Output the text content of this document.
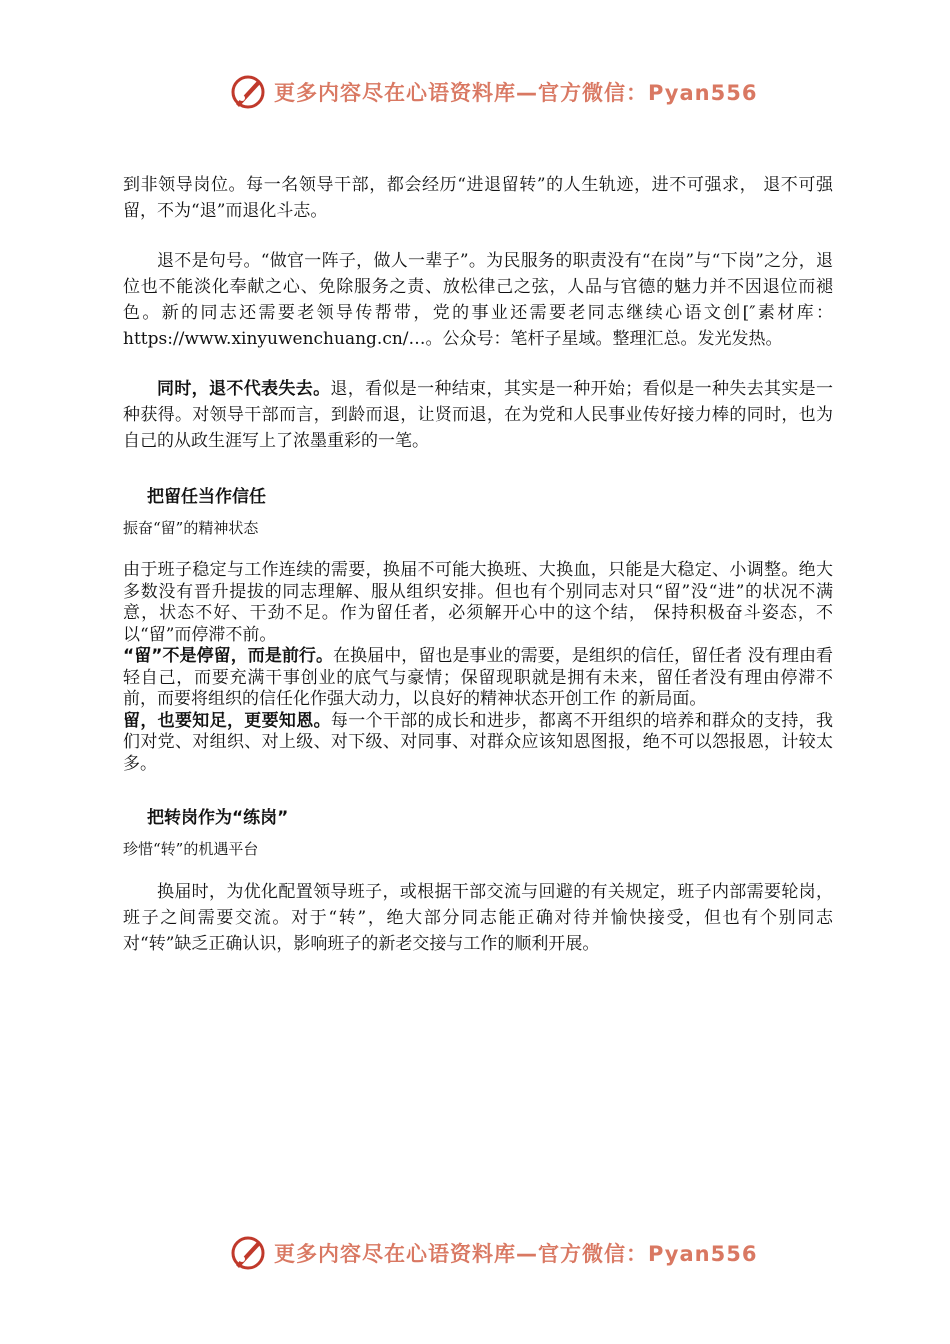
更多内容尽在心语资料库—官方微信：Pyan556

到非领导岗位。每一名领导干部，都会经历“进退留转”的人生轨迹，进不可强求， 退不可强留，不为“退”而退化斗志。

退不是句号。“做官一阵子，做人一辈子”。为民服务的职责没有“在岗”与“下岗”之分，退位也不能淡化奉献之心、免除服务之责、放松律己之弦，人品与官德的魅力并不因退位而褪色。新的同志还需要老领导传帮带，党的事业还需要老同志继续心语文创[″素材库：https://www.xinyuwenchuang.cn/…。公众号：笔杆子星域。整理汇总。发光发热。

同时，退不代表失去。退，看似是一种结束，其实是一种开始；看似是一种失去其实是一种获得。对领导干部而言，到龄而退，让贤而退，在为党和人民事业传好接力棒的同时，也为自己的从政生涯写上了浓墨重彩的一笔。

把留任当作信任

振奋“留”的精神状态

由于班子稳定与工作连续的需要，换届不可能大换班、大换血，只能是大稳定、小调整。绝大多数没有晋升提拔的同志理解、服从组织安排。但也有个别同志对只“留”没“进”的状况不满意，状态不好、干劲不足。作为留任者，必须解开心中的这个结， 保持积极奋斗姿态，不以“留”而停滞不前。

“留”不是停留，而是前行。在换届中，留也是事业的需要，是组织的信任，留任者 没有理由看轻自己，而要充满干事创业的底气与豪情；保留现职就是拥有未来，留任者没有理由停滞不前，而要将组织的信任化作强大动力，以良好的精神状态开创工作 的新局面。

留，也要知足，更要知恩。每一个干部的成长和进步，都离不开组织的培养和群众的支持，我们对党、对组织、对上级、对下级、对同事、对群众应该知恩图报，绝不可以怨报恩，计较太多。

把转岗作为“练岗”

珍惜“转”的机遇平台

换届时，为优化配置领导班子，或根据干部交流与回避的有关规定，班子内部需要轮岗，班子之间需要交流。对于“转”，绝大部分同志能正确对待并愉快接受，但也有个别同志对“转”缺乏正确认识，影响班子的新老交接与工作的顺利开展。

更多内容尽在心语资料库—官方微信：Pyan556
